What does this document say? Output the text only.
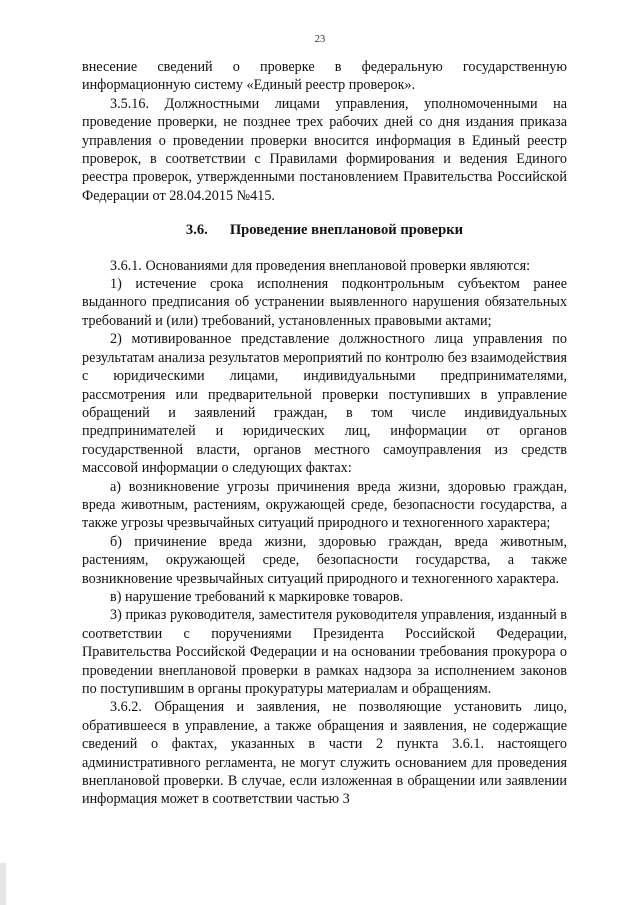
23

внесение сведений о проверке в федеральную государственную информационную систему «Единый реестр проверок».

3.5.16. Должностными лицами управления, уполномоченными на проведение проверки, не позднее трех рабочих дней со дня издания приказа управления о проведении проверки вносится информация в Единый реестр проверок, в соответствии с Правилами формирования и ведения Единого реестра проверок, утвержденными постановлением Правительства Российской Федерации от 28.04.2015 №415.

3.6. Проведение внеплановой проверки

3.6.1. Основаниями для проведения внеплановой проверки являются:

1) истечение срока исполнения подконтрольным субъектом ранее выданного предписания об устранении выявленного нарушения обязательных требований и (или) требований, установленных правовыми актами;

2) мотивированное представление должностного лица управления по результатам анализа результатов мероприятий по контролю без взаимодействия с юридическими лицами, индивидуальными предпринимателями, рассмотрения или предварительной проверки поступивших в управление обращений и заявлений граждан, в том числе индивидуальных предпринимателей и юридических лиц, информации от органов государственной власти, органов местного самоуправления из средств массовой информации о следующих фактах:

а) возникновение угрозы причинения вреда жизни, здоровью граждан, вреда животным, растениям, окружающей среде, безопасности государства, а также угрозы чрезвычайных ситуаций природного и техногенного характера;

б) причинение вреда жизни, здоровью граждан, вреда животным, растениям, окружающей среде, безопасности государства, а также возникновение чрезвычайных ситуаций природного и техногенного характера.

в) нарушение требований к маркировке товаров.

3) приказ руководителя, заместителя руководителя управления, изданный в соответствии с поручениями Президента Российской Федерации, Правительства Российской Федерации и на основании требования прокурора о проведении внеплановой проверки в рамках надзора за исполнением законов по поступившим в органы прокуратуры материалам и обращениям.

3.6.2. Обращения и заявления, не позволяющие установить лицо, обратившееся в управление, а также обращения и заявления, не содержащие сведений о фактах, указанных в части 2 пункта 3.6.1. настоящего административного регламента, не могут служить основанием для проведения внеплановой проверки. В случае, если изложенная в обращении или заявлении информация может в соответствии частью 3
